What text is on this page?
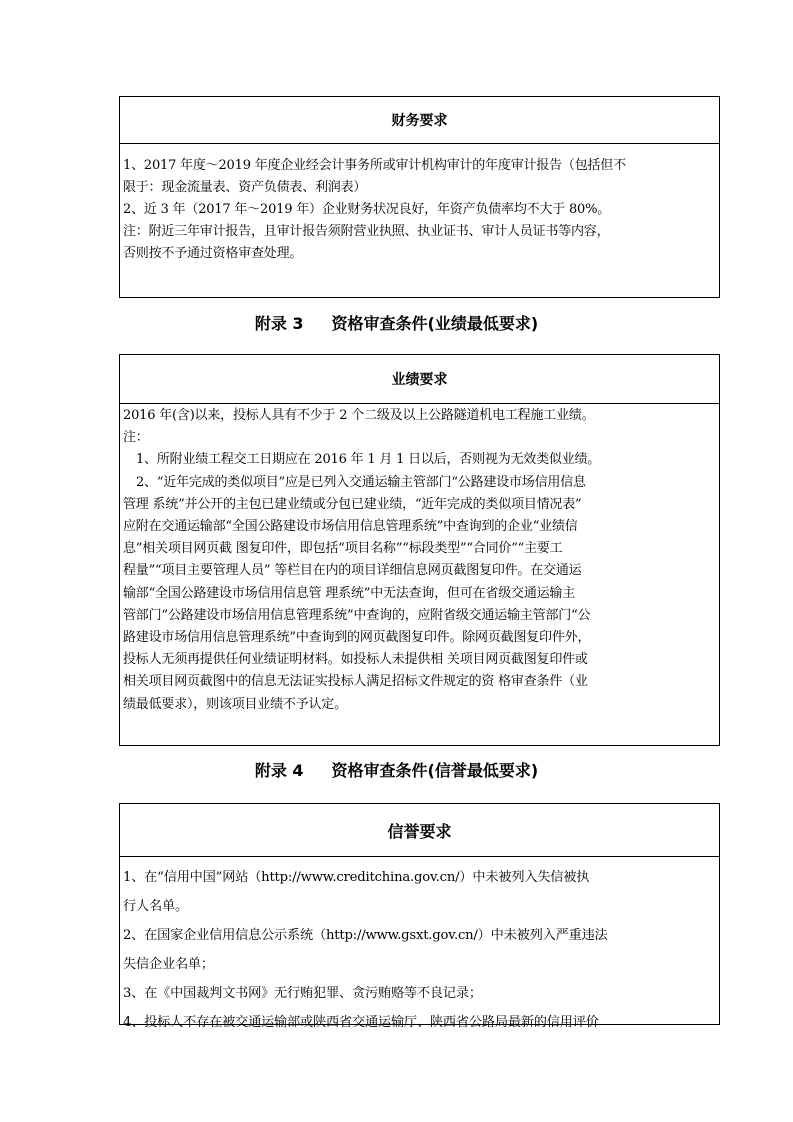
财务要求

1、2017 年度～2019 年度企业经会计事务所或审计机构审计的年度审计报告（包括但不

限于：现金流量表、资产负债表、利润表）

2、近 3 年（2017 年～2019 年）企业财务状况良好，年资产负债率均不大于 80%。

注：附近三年审计报告，且审计报告须附营业执照、执业证书、审计人员证书等内容，

否则按不予通过资格审查处理。

附录 3 资格审查条件(业绩最低要求)
业绩要求

2016 年(含)以来，投标人具有不少于 2 个二级及以上公路隧道机电工程施工业绩。

注：

1、所附业绩工程交工日期应在 2016 年 1 月 1 日以后，否则视为无效类似业绩。

2、“近年完成的类似项目”应是已列入交通运输主管部门“公路建设市场信用信息

管理 系统”并公开的主包已建业绩或分包已建业绩，“近年完成的类似项目情况表”

应附在交通运输部“全国公路建设市场信用信息管理系统”中查询到的企业“业绩信

息”相关项目网页截 图复印件，即包括“项目名称”“标段类型”“合同价”“主要工

程量”“项目主要管理人员” 等栏目在内的项目详细信息网页截图复印件。在交通运

输部“全国公路建设市场信用信息管 理系统”中无法查询，但可在省级交通运输主

管部门“公路建设市场信用信息管理系统”中查询的，应附省级交通运输主管部门“公

路建设市场信用信息管理系统”中查询到的网页截图复印件。除网页截图复印件外，

投标人无须再提供任何业绩证明材料。如投标人未提供相 关项目网页截图复印件或

相关项目网页截图中的信息无法证实投标人满足招标文件规定的资 格审查条件（业

绩最低要求），则该项目业绩不予认定。

附录 4 资格审查条件(信誉最低要求)
信誉要求

1、在“信用中国”网站（http://www.creditchina.gov.cn/）中未被列入失信被执

行人名单。

2、在国家企业信用信息公示系统（http://www.gsxt.gov.cn/）中未被列入严重违法

失信企业名单；

3、在《中国裁判文书网》无行贿犯罪、贪污贿赂等不良记录；

4、投标人不存在被交通运输部或陕西省交通运输厅、陕西省公路局最新的信用评价
